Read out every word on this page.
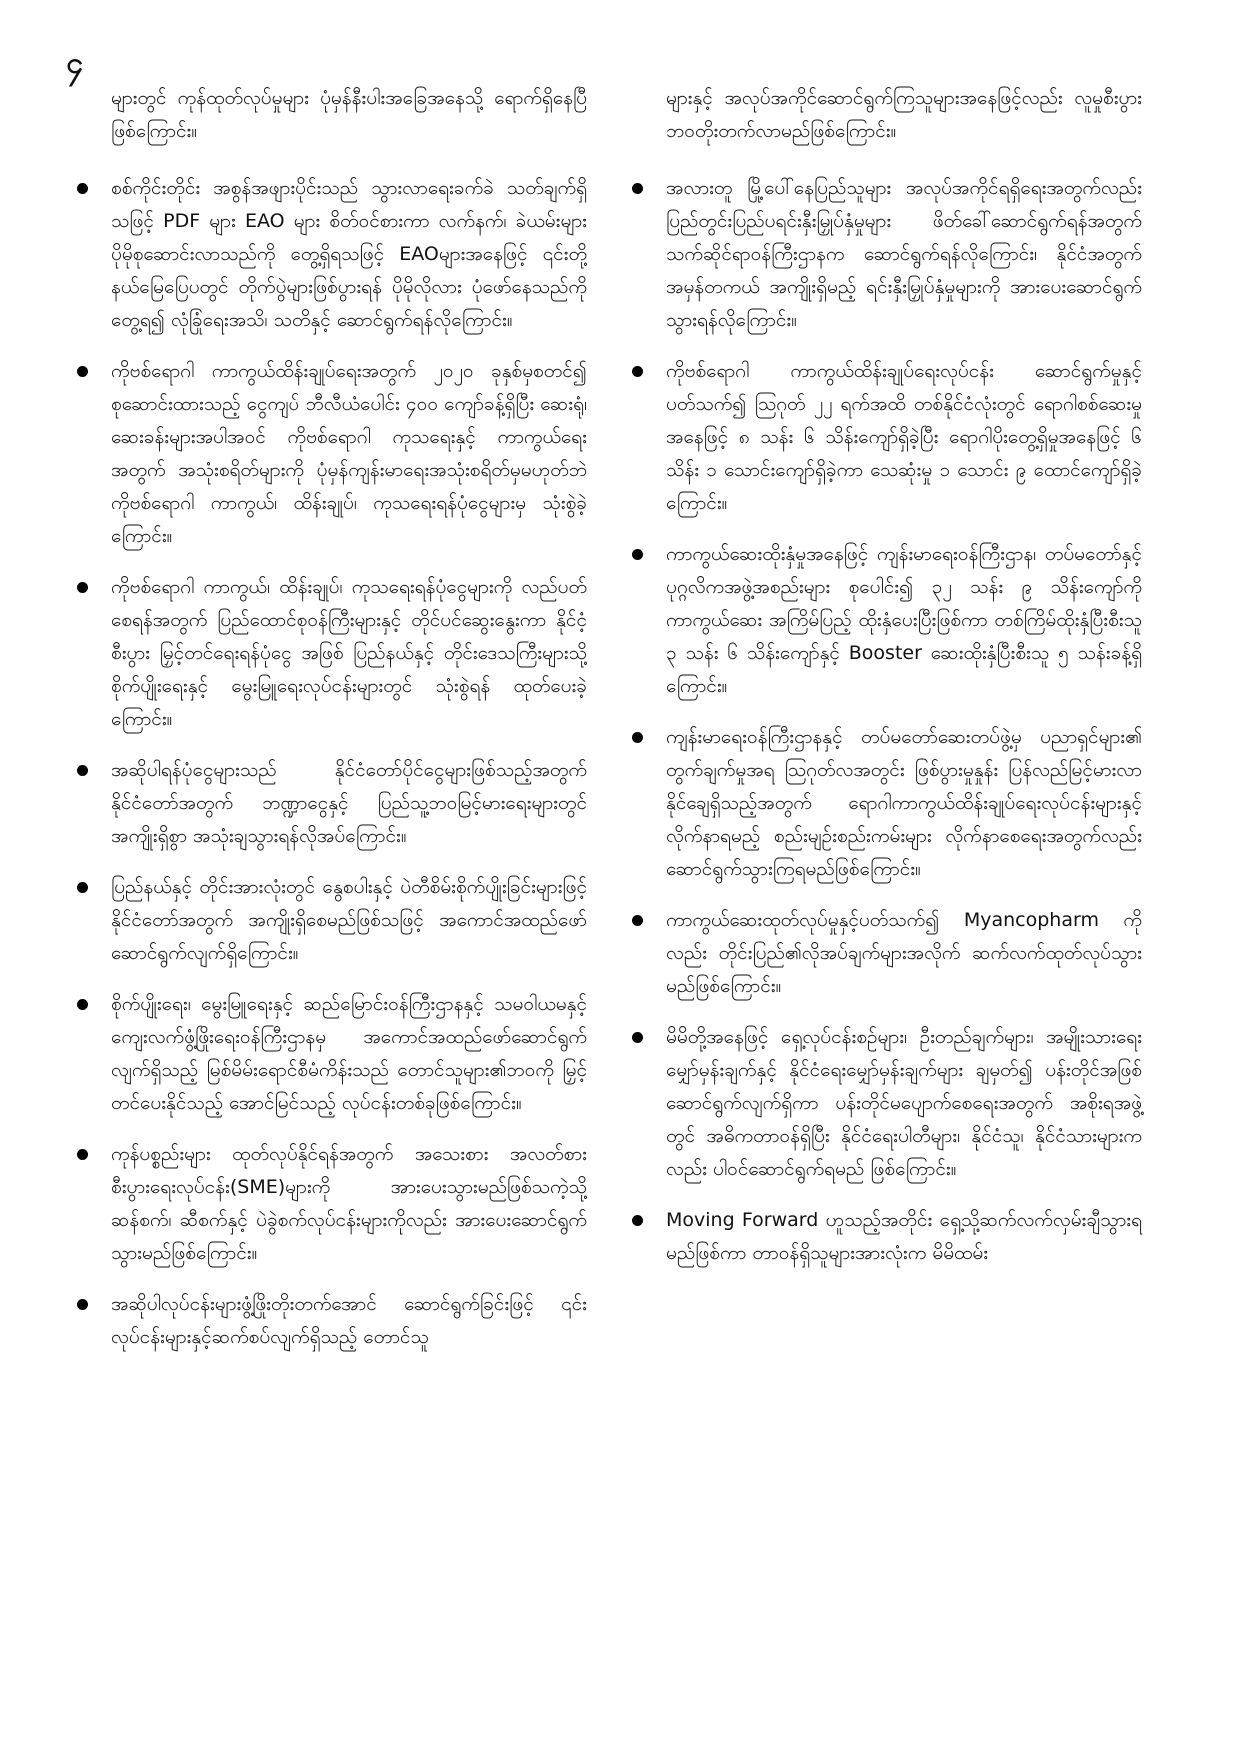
၄

များတွင် ကုန်ထုတ်လုပ်မှုများ ပုံမှန်နီးပါးအခြေအနေသို့ ရောက်ရှိနေပြီဖြစ်ကြောင်း။

စစ်ကိုင်းတိုင်း အစွန်အဖျားပိုင်းသည် သွားလာရေးခက်ခဲ သတ်ချက်ရှိသဖြင့် PDF များ EAO များ စိတ်ဝင်စားကာ လက်နက်၊ ခဲယမ်းများ ပိုမိုစုဆောင်းလာသည်ကို တွေ့ရှိရသဖြင့် EAOများအနေဖြင့် ၎င်းတို့နယ်မြေပြေပတွင် တိုက်ပွဲများဖြစ်ပွားရန် ပိုမိုလိုလား ပုံဖော်နေသည်ကို တွေ့ရ၍ လုံခြုံရေးအသိ၊ သတိနှင့် ဆောင်ရွက်ရန်လိုကြောင်း။
ကိုဗစ်ရောဂါ ကာကွယ်ထိန်းချုပ်ရေးအတွက် ၂၀၂၀ ခုနှစ်မှစတင်၍ စုဆောင်းထားသည့် ငွေကျပ် ဘီလီယံပေါင်း ၄၀၀ ကျော်ခန့်ရှိပြီး ဆေးရုံ၊ ဆေးခန်းများအပါအဝင် ကိုဗစ်ရောဂါ ကုသရေးနှင့် ကာကွယ်ရေးအတွက် အသုံးစရိတ်များကို ပုံမှန်ကျန်းမာရေးအသုံးစရိတ်မှမဟုတ်ဘဲ ကိုဗစ်ရောဂါ ကာကွယ်၊ ထိန်းချုပ်၊ ကုသရေးရန်ပုံငွေများမှ သုံးစွဲခဲ့ကြောင်း။
ကိုဗစ်ရောဂါ ကာကွယ်၊ ထိန်းချုပ်၊ ကုသရေးရန်ပုံငွေများကို လည်ပတ်စေရန်အတွက် ပြည်ထောင်စုဝန်ကြီးများနှင့် တိုင်ပင်ဆွေးနွေးကာ နိုင်ငံ့စီးပွား မြှင့်တင်ရေးရန်ပုံငွေ အဖြစ် ပြည်နယ်နှင့် တိုင်းဒေသကြီးများသို့ စိုက်ပျိုးရေးနှင့် မွေးမြူရေးလုပ်ငန်းများတွင် သုံးစွဲရန် ထုတ်ပေးခဲ့ကြောင်း။
အဆိုပါရန်ပုံငွေများသည် နိုင်ငံတော်ပိုင်ငွေများဖြစ်သည့်အတွက် နိုင်ငံတော်အတွက် ဘဏ္ဍာငွေနှင့် ပြည်သူ့ဘဝမြင့်မားရေးများတွင် အကျိုးရှိစွာ အသုံးချသွားရန်လိုအပ်ကြောင်း။
ပြည်နယ်နှင့် တိုင်းအားလုံးတွင် နွေစပါးနှင့် ပဲတီစိမ်းစိုက်ပျိုးခြင်းများဖြင့် နိုင်ငံတော်အတွက် အကျိုးရှိစေမည်ဖြစ်သဖြင့် အကောင်အထည်ဖော် ဆောင်ရွက်လျက်ရှိကြောင်း။
စိုက်ပျိုးရေး၊ မွေးမြူရေးနှင့် ဆည်မြောင်းဝန်ကြီးဌာနနှင့် သမဝါယမနှင့် ကျေးလက်ဖွံ့ဖြိုးရေးဝန်ကြီးဌာနမှ အကောင်အထည်ဖော်ဆောင်ရွက်လျက်ရှိသည့် မြစ်မိမ်းရောင်စီမံကိန်းသည် တောင်သူများ၏ဘဝကို မြှင့်တင်ပေးနိုင်သည့် အောင်မြင်သည့် လုပ်ငန်းတစ်ခုဖြစ်ကြောင်း။
ကုန်ပစ္စည်းများ ထုတ်လုပ်နိုင်ရန်အတွက် အသေးစား အလတ်စား စီးပွားရေးလုပ်ငန်း(SME)များကို အားပေးသွားမည်ဖြစ်သကဲ့သို့ ဆန်စက်၊ ဆီစက်နှင့် ပဲခွဲစက်လုပ်ငန်းများကိုလည်း အားပေးဆောင်ရွက်သွားမည်ဖြစ်ကြောင်း။
အဆိုပါလုပ်ငန်းများဖွံ့ဖြိုးတိုးတက်အောင် ဆောင်ရွက်ခြင်းဖြင့် ၎င်းလုပ်ငန်းများနှင့်ဆက်စပ်လျက်ရှိသည့် တောင်သူ

များနှင့် အလုပ်အကိုင်ဆောင်ရွက်ကြသူများအနေဖြင့်လည်း လူမှုစီးပွားဘဝတိုးတက်လာမည်ဖြစ်ကြောင်း။

အလားတူ မြို့ပေါ်နေပြည်သူများ အလုပ်အကိုင်ရရှိရေးအတွက်လည်း ပြည်တွင်းပြည်ပရင်းနှီးမြှုပ်နှံမှုများ ဖိတ်ခေါ်ဆောင်ရွက်ရန်အတွက် သက်ဆိုင်ရာဝန်ကြီးဌာနက ဆောင်ရွက်ရန်လိုကြောင်း၊ နိုင်ငံအတွက် အမှန်တကယ် အကျိုးရှိမည့် ရင်းနှီးမြှုပ်နှံမှုများကို အားပေးဆောင်ရွက်သွားရန်လိုကြောင်း။
ကိုဗစ်ရောဂါ ကာကွယ်ထိန်းချုပ်ရေးလုပ်ငန်း ဆောင်ရွက်မှုနှင့်ပတ်သက်၍ ဩဂုတ် ၂၂ ရက်အထိ တစ်နိုင်ငံလုံးတွင် ရောဂါစစ်ဆေးမှုအနေဖြင့် ၈ သန်း ၆ သိန်းကျော်ရှိခဲ့ပြီး ရောဂါပိုးတွေ့ရှိမှုအနေဖြင့် ၆ သိန်း ၁ သောင်းကျော်ရှိခဲ့ကာ သေဆုံးမှု ၁ သောင်း ၉ ထောင်ကျော်ရှိခဲ့ကြောင်း။
ကာကွယ်ဆေးထိုးနှံမှုအနေဖြင့် ကျန်းမာရေးဝန်ကြီးဌာန၊ တပ်မတော်နှင့် ပုဂ္ဂလိကအဖွဲ့အစည်းများ စုပေါင်း၍ ၃၂ သန်း ၉ သိန်းကျော်ကို ကာကွယ်ဆေး အကြိမ်ပြည့် ထိုးနှံပေးပြီးဖြစ်ကာ တစ်ကြိမ်ထိုးနှံပြီးစီးသူ ၃ သန်း ၆ သိန်းကျော်နှင့် Booster ဆေးထိုးနှံပြီးစီးသူ ၅ သန်းခန့်ရှိကြောင်း။
ကျန်းမာရေးဝန်ကြီးဌာနနှင့် တပ်မတော်ဆေးတပ်ဖွဲ့မှ ပညာရှင်များ၏ တွက်ချက်မှုအရ ဩဂုတ်လအတွင်း ဖြစ်ပွားမှုနှုန်း ပြန်လည်မြင့်မားလာနိုင်ချေရှိသည့်အတွက် ရောဂါကာကွယ်ထိန်းချုပ်ရေးလုပ်ငန်းများနှင့် လိုက်နာရမည့် စည်းမျဉ်းစည်းကမ်းများ လိုက်နာစေရေးအတွက်လည်း ဆောင်ရွက်သွားကြရမည်ဖြစ်ကြောင်း။
ကာကွယ်ဆေးထုတ်လုပ်မှုနှင့်ပတ်သက်၍ Myancopharm ကိုလည်း တိုင်းပြည်၏လိုအပ်ချက်များအလိုက် ဆက်လက်ထုတ်လုပ်သွားမည်ဖြစ်ကြောင်း။
မိမိတို့အနေဖြင့် ရှေ့လုပ်ငန်းစဉ်များ၊ ဦးတည်ချက်များ၊ အမျိုးသားရေး မျှော်မှန်းချက်နှင့် နိုင်ငံရေးမျှော်မှန်းချက်များ ချမှတ်၍ ပန်းတိုင်အဖြစ်ဆောင်ရွက်လျက်ရှိကာ ပန်းတိုင်မပျောက်စေရေးအတွက် အစိုးရအဖွဲ့တွင် အဓိကတာဝန်ရှိပြီး နိုင်ငံရေးပါတီများ၊ နိုင်ငံသူ၊ နိုင်ငံသားများကလည်း ပါဝင်ဆောင်ရွက်ရမည် ဖြစ်ကြောင်း။
Moving Forward ဟူသည့်အတိုင်း ရှေ့သို့ဆက်လက်လှမ်းချီသွားရမည်ဖြစ်ကာ တာဝန်ရှိသူများအားလုံးက မိမိထမ်း
